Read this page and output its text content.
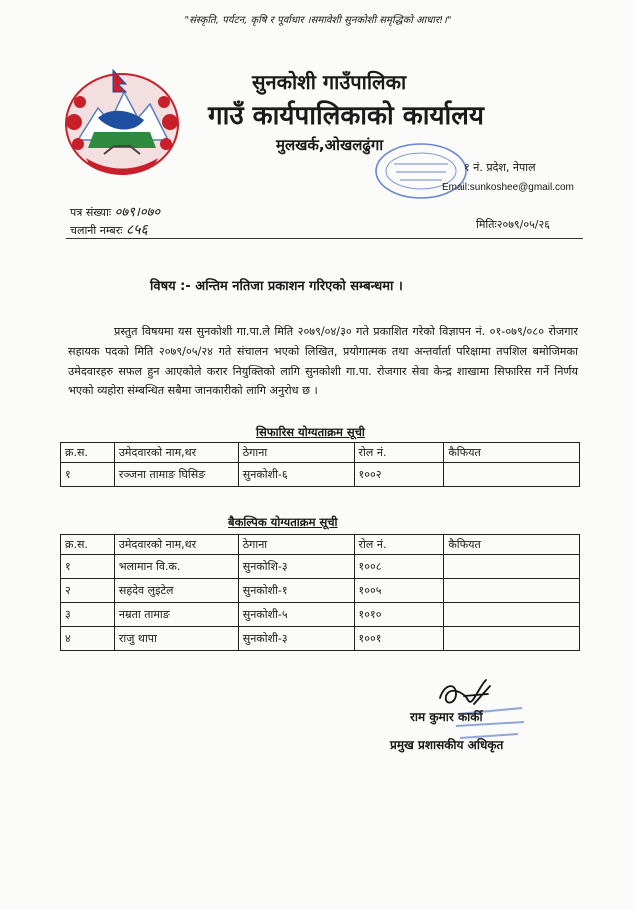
"संस्कृति, पर्यटन, कृषि र पूर्वाधार ।समावेशी सुनकोशी समृद्धिको आधार!।"
सुनकोशी गाउँपालिका
गाउँ कार्यपालिकाको कार्यालय
मुलखर्क,ओखलढुंगा
१ नं. प्रदेश, नेपाल
Email:sunkoshee@gmail.com
पत्र संख्याः ०७९।०७०
चलानी नम्बरः ८५६	मितिः२०७९/०५/२६
विषय :- अन्तिम नतिजा प्रकाशन गरिएको सम्बन्धमा ।
प्रस्तुत विषयमा यस सुनकोशी गा.पा.ले मिति २०७९/०४/३० गते प्रकाशित गरेको विज्ञापन नं. ०१-०७९/०८० रोजगार सहायक पदको मिति २०७९/०५/२४ गते संचालन भएको लिखित, प्रयोगात्मक तथा अन्तर्वार्ता परिक्षामा तपशिल बमोजिमका उमेदवारहरु सफल हुन आएकोले करार नियुक्तिको लागि सुनकोशी गा.पा. रोजगार सेवा केन्द्र शाखामा सिफारिस गर्ने निर्णय भएको व्यहोरा संम्बन्धित सबैमा जानकारीको लागि अनुरोध छ ।
सिफारिस योग्यताक्रम सूची
क्र.स.	उमेदवारको नाम,थर	ठेगाना	रोल नं.	कैफियत
१	रञ्जना तामाङ घिसिङ	सुनकोशी-६	१००२	
बैकल्पिक योग्यताक्रम सूची
क्र.स.	उमेदवारको नाम,थर	ठेगाना	रोल नं.	कैफियत
१	भलामान वि.क.	सुनकोशि-३	१००८	
२	सहदेव लुइटेल	सुनकोशी-१	१००५	
३	नम्रता तामाङ	सुनकोशी-५	१०१०	
४	राजु थापा	सुनकोशी-३	१००१	
राम कुमार कार्की
प्रमुख प्रशासकीय अधिकृत
